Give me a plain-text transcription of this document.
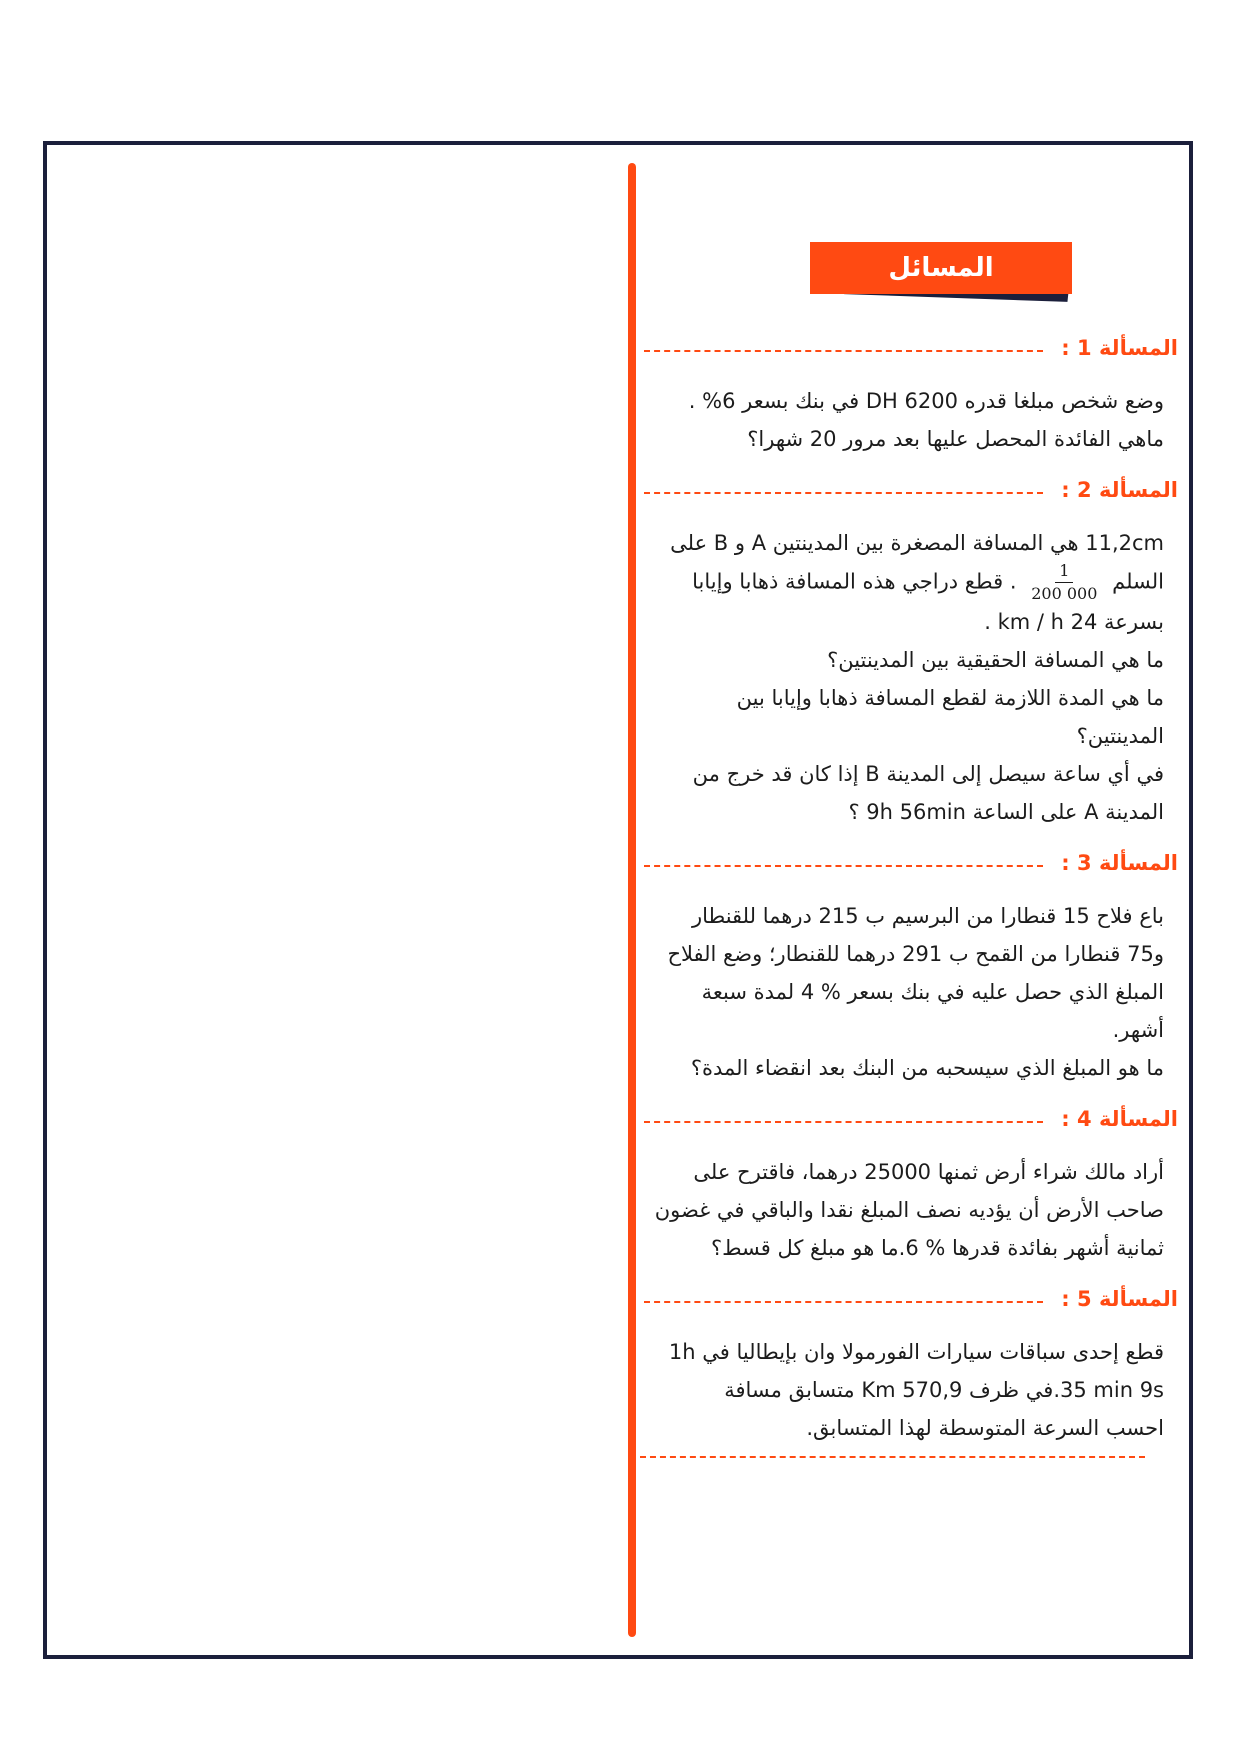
المسائل
المسألة 1 :

وضع شخص مبلغا قدره 6200 DH في بنك بسعر 6% .

ماهي الفائدة المحصل عليها بعد مرور 20 شهرا؟

المسألة 2 :

11,2cm هي المسافة المصغرة بين المدينتين A و B على

السلم
$\frac{1}{200 000}$
. قطع دراجي هذه المسافة ذهابا وإيابا

بسرعة 24 km / h .

ما هي المسافة الحقيقية بين المدينتين؟

ما هي المدة اللازمة لقطع المسافة ذهابا وإيابا بين المدينتين؟

في أي ساعة سيصل إلى المدينة B إذا كان قد خرج من المدينة A على الساعة 9h 56min ؟

المسألة 3 :

باع فلاح 15 قنطارا من البرسيم ب 215 درهما للقنطار و75 قنطارا من القمح ب 291 درهما للقنطار؛ وضع الفلاح المبلغ الذي حصل عليه في بنك بسعر % 4 لمدة سبعة أشهر.

ما هو المبلغ الذي سيسحبه من البنك بعد انقضاء المدة؟

المسألة 4 :

أراد مالك شراء أرض ثمنها 25000 درهما، فاقترح على صاحب الأرض أن يؤديه نصف المبلغ نقدا والباقي في غضون ثمانية أشهر بفائدة قدرها % 6.ما هو مبلغ كل قسط؟

المسألة 5 :

قطع إحدى سباقات سيارات الفورمولا وان بإيطاليا في 1h 35 min 9s.في ظرف 570,9 Km متسابق مسافة

احسب السرعة المتوسطة لهذا المتسابق.
